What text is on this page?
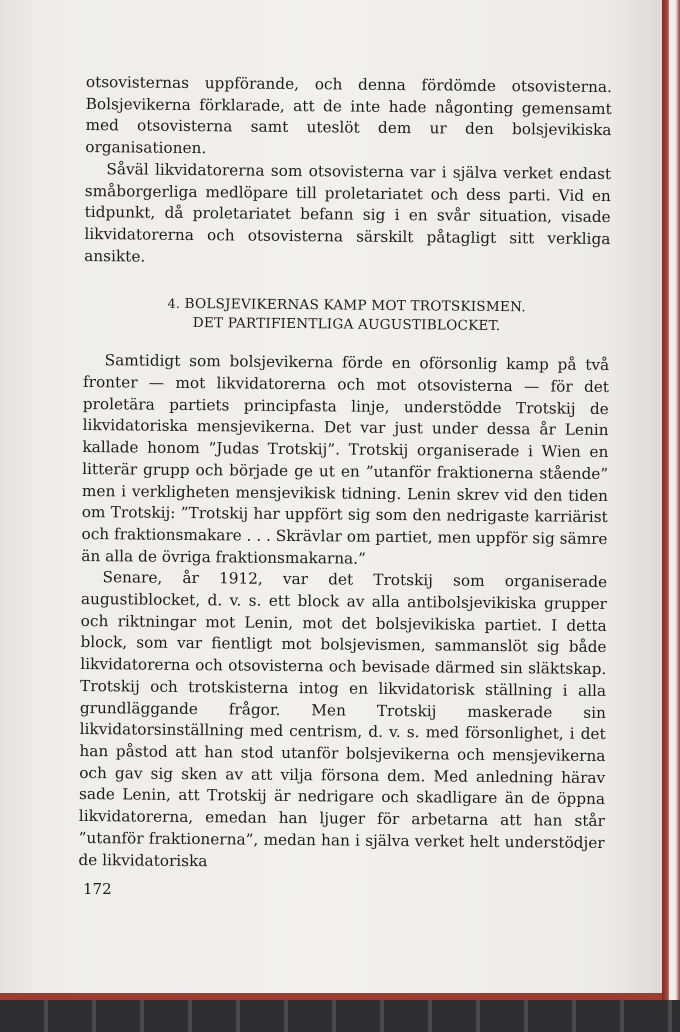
otsovisternas uppförande, och denna fördömde otsovisterna. Bolsjevikerna förklarade, att de inte hade någonting gemensamt med otsovisterna samt uteslöt dem ur den bolsjevikiska organisationen.

Såväl likvidatorerna som otsovisterna var i själva verket endast småborgerliga medlöpare till proletariatet och dess parti. Vid en tidpunkt, då proletariatet befann sig i en svår situation, visade likvidatorerna och otsovisterna särskilt påtagligt sitt verkliga ansikte.

4. BOLSJEVIKERNAS KAMP MOT TROTSKISMEN.
DET PARTIFIENTLIGA AUGUSTIBLOCKET.

Samtidigt som bolsjevikerna förde en oförsonlig kamp på två fronter — mot likvidatorerna och mot otsovisterna — för det proletära partiets principfasta linje, understödde Trotskij de likvidatoriska mensjevikerna. Det var just under dessa år Lenin kallade honom ”Judas Trotskij”. Trotskij organiserade i Wien en litterär grupp och började ge ut en ”utanför fraktionerna stående” men i verkligheten mensjevikisk tidning. Lenin skrev vid den tiden om Trotskij: ”Trotskij har uppfört sig som den nedrigaste karriärist och fraktionsmakare . . . Skrävlar om partiet, men uppför sig sämre än alla de övriga fraktionsmakarna.”

Senare, år 1912, var det Trotskij som organiserade augustiblocket, d. v. s. ett block av alla antibolsjevikiska grupper och riktningar mot Lenin, mot det bolsjevikiska partiet. I detta block, som var fientligt mot bolsjevismen, sammanslöt sig både likvidatorerna och otsovisterna och bevisade därmed sin släktskap. Trotskij och trotskisterna intog en likvidatorisk ställning i alla grundläggande frågor. Men Trotskij maskerade sin likvidatorsinställning med centrism, d. v. s. med försonlighet, i det han påstod att han stod utanför bolsjevikerna och mensjevikerna och gav sig sken av att vilja försona dem. Med anledning härav sade Lenin, att Trotskij är nedrigare och skadligare än de öppna likvidatorerna, emedan han ljuger för arbetarna att han står ”utanför fraktionerna”, medan han i själva verket helt understödjer de likvidatoriska

172
